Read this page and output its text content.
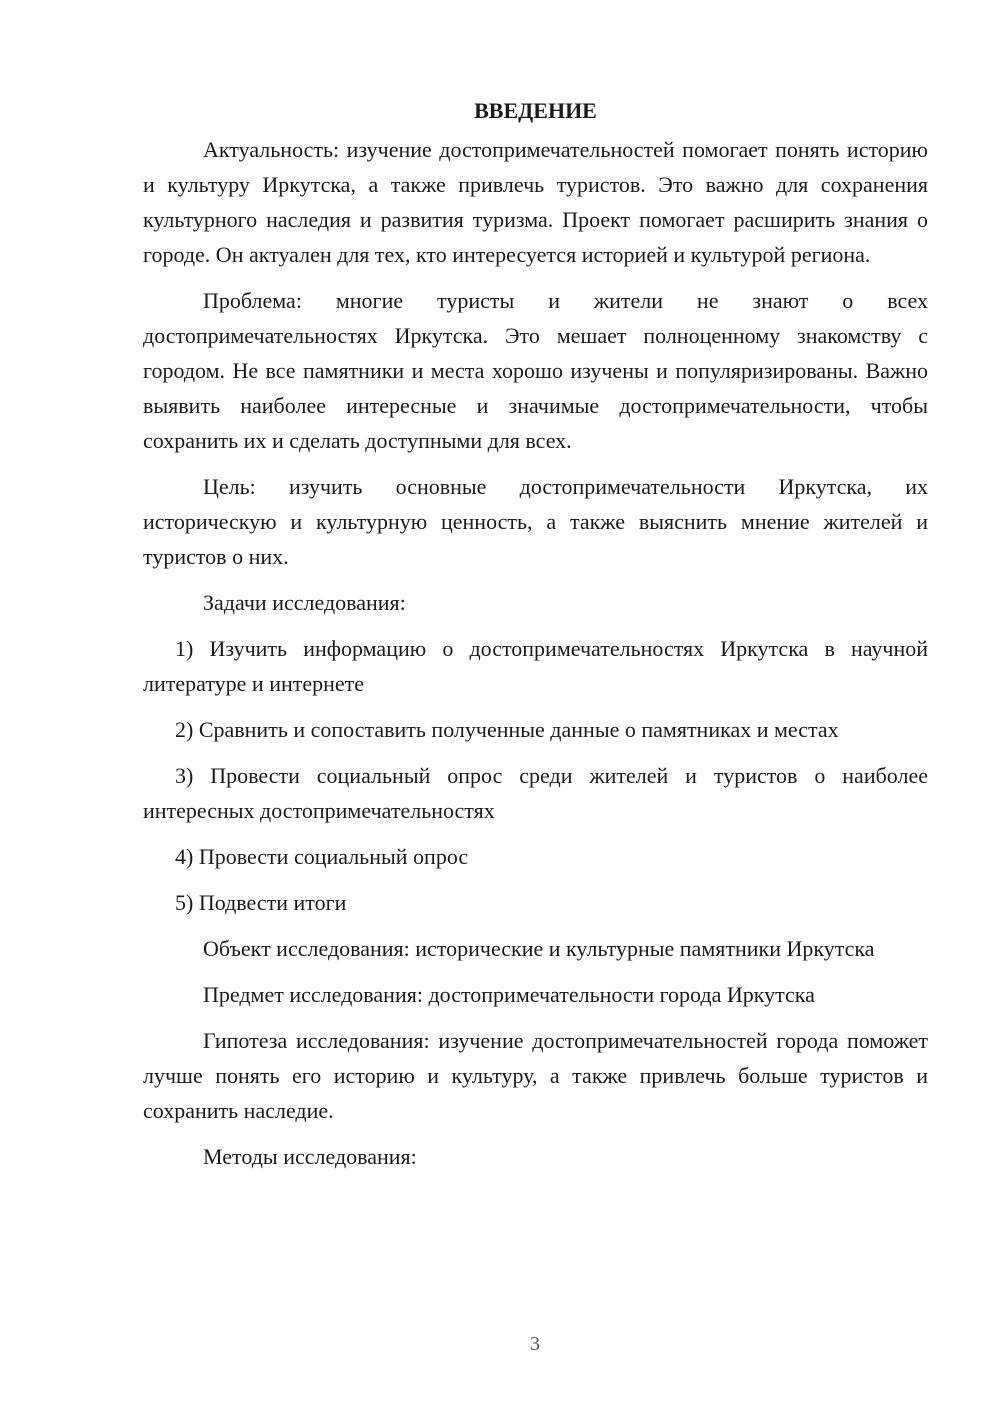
ВВЕДЕНИЕ

Актуальность: изучение достопримечательностей помогает понять историю и культуру Иркутска, а также привлечь туристов. Это важно для сохранения культурного наследия и развития туризма. Проект помогает расширить знания о городе. Он актуален для тех, кто интересуется историей и культурой региона.

Проблема: многие туристы и жители не знают о всех достопримечательностях Иркутска. Это мешает полноценному знакомству с городом. Не все памятники и места хорошо изучены и популяризированы. Важно выявить наиболее интересные и значимые достопримечательности, чтобы сохранить их и сделать доступными для всех.

Цель: изучить основные достопримечательности Иркутска, их историческую и культурную ценность, а также выяснить мнение жителей и туристов о них.

Задачи исследования:

1) Изучить информацию о достопримечательностях Иркутска в научной литературе и интернете

2) Сравнить и сопоставить полученные данные о памятниках и местах

3) Провести социальный опрос среди жителей и туристов о наиболее интересных достопримечательностях

4) Провести социальный опрос

5) Подвести итоги

Объект исследования: исторические и культурные памятники Иркутска

Предмет исследования: достопримечательности города Иркутска

Гипотеза исследования: изучение достопримечательностей города поможет лучше понять его историю и культуру, а также привлечь больше туристов и сохранить наследие.

Методы исследования:

3
